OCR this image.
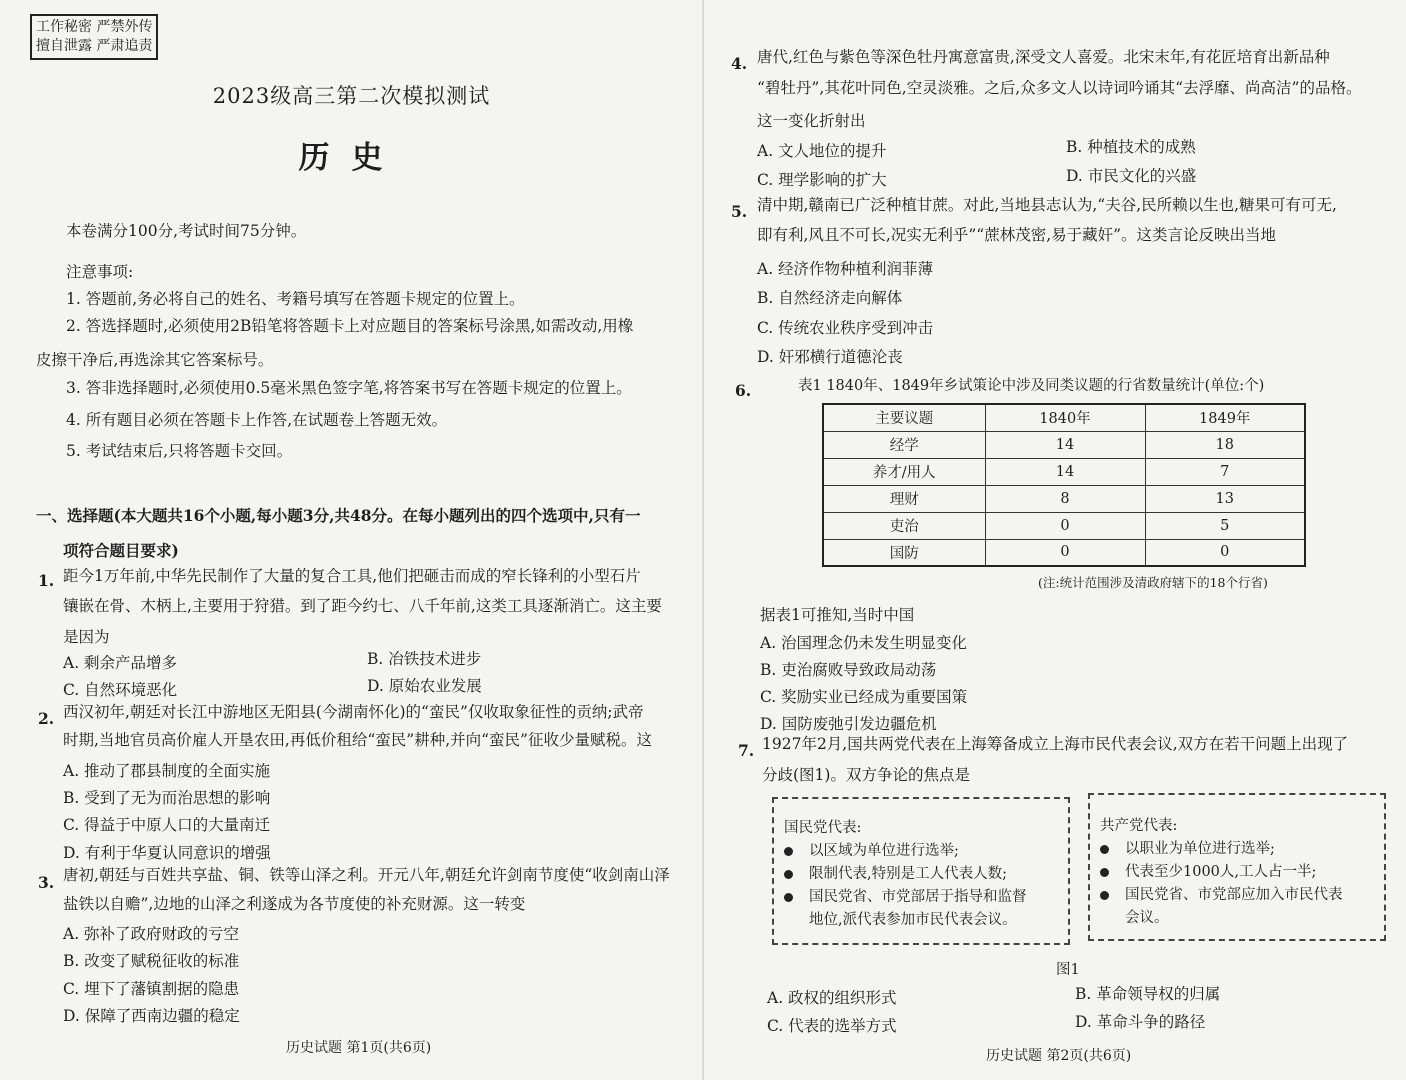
工作秘密 严禁外传
擅自泄露 严肃追责
2023级高三第二次模拟测试
历史
本卷满分100分,考试时间75分钟。
注意事项:
1. 答题前,务必将自己的姓名、考籍号填写在答题卡规定的位置上。
2. 答选择题时,必须使用2B铅笔将答题卡上对应题目的答案标号涂黑,如需改动,用橡
皮擦干净后,再选涂其它答案标号。
3. 答非选择题时,必须使用0.5毫米黑色签字笔,将答案书写在答题卡规定的位置上。
4. 所有题目必须在答题卡上作答,在试题卷上答题无效。
5. 考试结束后,只将答题卡交回。
一、选择题(本大题共16个小题,每小题3分,共48分。在每小题列出的四个选项中,只有一
项符合题目要求)
1. 距今1万年前,中华先民制作了大量的复合工具,他们把砸击而成的窄长锋利的小型石片
镶嵌在骨、木柄上,主要用于狩猎。到了距今约七、八千年前,这类工具逐渐消亡。这主要
是因为
A. 剩余产品增多	B. 冶铁技术进步
C. 自然环境恶化	D. 原始农业发展
2. 西汉初年,朝廷对长江中游地区无阳县(今湖南怀化)的“蛮民”仅收取象征性的贡纳;武帝
时期,当地官员高价雇人开垦农田,再低价租给“蛮民”耕种,并向“蛮民”征收少量赋税。这
A. 推动了郡县制度的全面实施
B. 受到了无为而治思想的影响
C. 得益于中原人口的大量南迁
D. 有利于华夏认同意识的增强
3. 唐初,朝廷与百姓共享盐、铜、铁等山泽之利。开元八年,朝廷允许剑南节度使“收剑南山泽
盐铁以自赡”,边地的山泽之利遂成为各节度使的补充财源。这一转变
A. 弥补了政府财政的亏空
B. 改变了赋税征收的标准
C. 埋下了藩镇割据的隐患
D. 保障了西南边疆的稳定
历史试题 第1页(共6页)
4. 唐代,红色与紫色等深色牡丹寓意富贵,深受文人喜爱。北宋末年,有花匠培育出新品种
“碧牡丹”,其花叶同色,空灵淡雅。之后,众多文人以诗词吟诵其“去浮靡、尚高洁”的品格。
这一变化折射出
A. 文人地位的提升	B. 种植技术的成熟
C. 理学影响的扩大	D. 市民文化的兴盛
5. 清中期,赣南已广泛种植甘蔗。对此,当地县志认为,“夫谷,民所赖以生也,糖果可有可无,
即有利,风且不可长,况实无利乎”“蔗林茂密,易于藏奸”。这类言论反映出当地
A. 经济作物种植利润菲薄
B. 自然经济走向解体
C. 传统农业秩序受到冲击
D. 奸邪横行道德沦丧
6.	表1 1840年、1849年乡试策论中涉及同类议题的行省数量统计(单位:个)
主要议题	1840年	1849年
经学	14	18
养才/用人	14	7
理财	8	13
吏治	0	5
国防	0	0
(注:统计范围涉及清政府辖下的18个行省)
据表1可推知,当时中国
A. 治国理念仍未发生明显变化
B. 吏治腐败导致政局动荡
C. 奖励实业已经成为重要国策
D. 国防废弛引发边疆危机
7. 1927年2月,国共两党代表在上海筹备成立上海市民代表会议,双方在若干问题上出现了
分歧(图1)。双方争论的焦点是
国民党代表:
以区域为单位进行选举;
限制代表,特别是工人代表人数;
国民党省、市党部居于指导和监督
地位,派代表参加市民代表会议。
共产党代表:
以职业为单位进行选举;
代表至少1000人,工人占一半;
国民党省、市党部应加入市民代表
会议。
图1
A. 政权的组织形式	B. 革命领导权的归属
C. 代表的选举方式	D. 革命斗争的路径
历史试题 第2页(共6页)
